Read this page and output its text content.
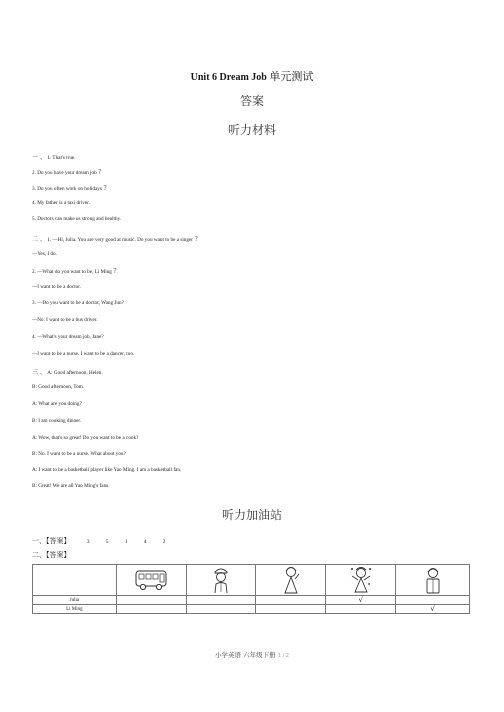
Unit 6 Dream Job 单元测试
答案
听力材料
一 、 1. That's true.
2. Do you have your dream job ?
3. Do you often work on holidays ?
4. My father is a taxi driver.
5. Doctors can make us strong and healthy.
二 、 1. —Hi, Julia. You are very good at music. Do you want to be a singer ?
—Yes, I do.
2. —What do you want to be, Li Ming ?
—I want to be a doctor.
3. —Do you want to be a doctor, Wang Jun?
—No. I want to be a bus driver.
4. —What's your dream job, Jane?
—I want to be a nurse. I want to be a dancer, too.
三 、 A: Good afternoon, Helen.
B: Good afternoon, Tom.
A: What are you doing?
B: I am cooking dinner.
A: Wow, that's so great! Do you want to be a cook?
B: No. I want to be a nurse. What about you?
A: I want to be a basketball player like Yao Ming. I am a basketball fan.
B: Great! We are all Yao Ming's fans.
听力加油站
一、【答案】	3	5	1	4	2
二、【答案】

Julia				√	
Li Ming					√
小学英语 六年级下册 1 / 2
